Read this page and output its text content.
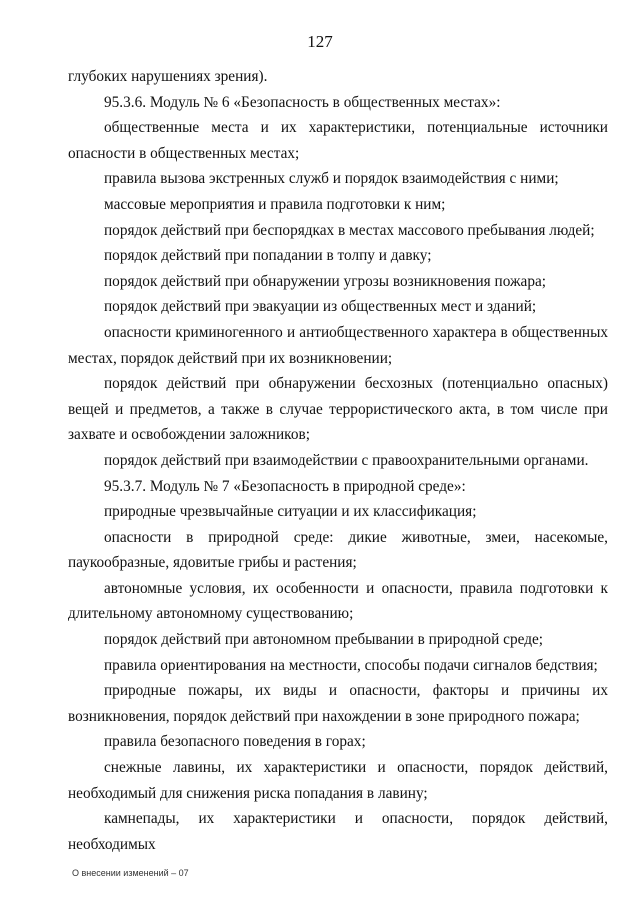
127

глубоких нарушениях зрения).

95.3.6. Модуль № 6 «Безопасность в общественных местах»:

общественные места и их характеристики, потенциальные источники опасности в общественных местах;

правила вызова экстренных служб и порядок взаимодействия с ними;

массовые мероприятия и правила подготовки к ним;

порядок действий при беспорядках в местах массового пребывания людей;

порядок действий при попадании в толпу и давку;

порядок действий при обнаружении угрозы возникновения пожара;

порядок действий при эвакуации из общественных мест и зданий;

опасности криминогенного и антиобщественного характера в общественных местах, порядок действий при их возникновении;

порядок действий при обнаружении бесхозных (потенциально опасных) вещей и предметов, а также в случае террористического акта, в том числе при захвате и освобождении заложников;

порядок действий при взаимодействии с правоохранительными органами.

95.3.7. Модуль № 7 «Безопасность в природной среде»:

природные чрезвычайные ситуации и их классификация;

опасности в природной среде: дикие животные, змеи, насекомые, паукообразные, ядовитые грибы и растения;

автономные условия, их особенности и опасности, правила подготовки к длительному автономному существованию;

порядок действий при автономном пребывании в природной среде;

правила ориентирования на местности, способы подачи сигналов бедствия;

природные пожары, их виды и опасности, факторы и причины их возникновения, порядок действий при нахождении в зоне природного пожара;

правила безопасного поведения в горах;

снежные лавины, их характеристики и опасности, порядок действий, необходимый для снижения риска попадания в лавину;

камнепады, их характеристики и опасности, порядок действий, необходимых

О внесении изменений – 07
